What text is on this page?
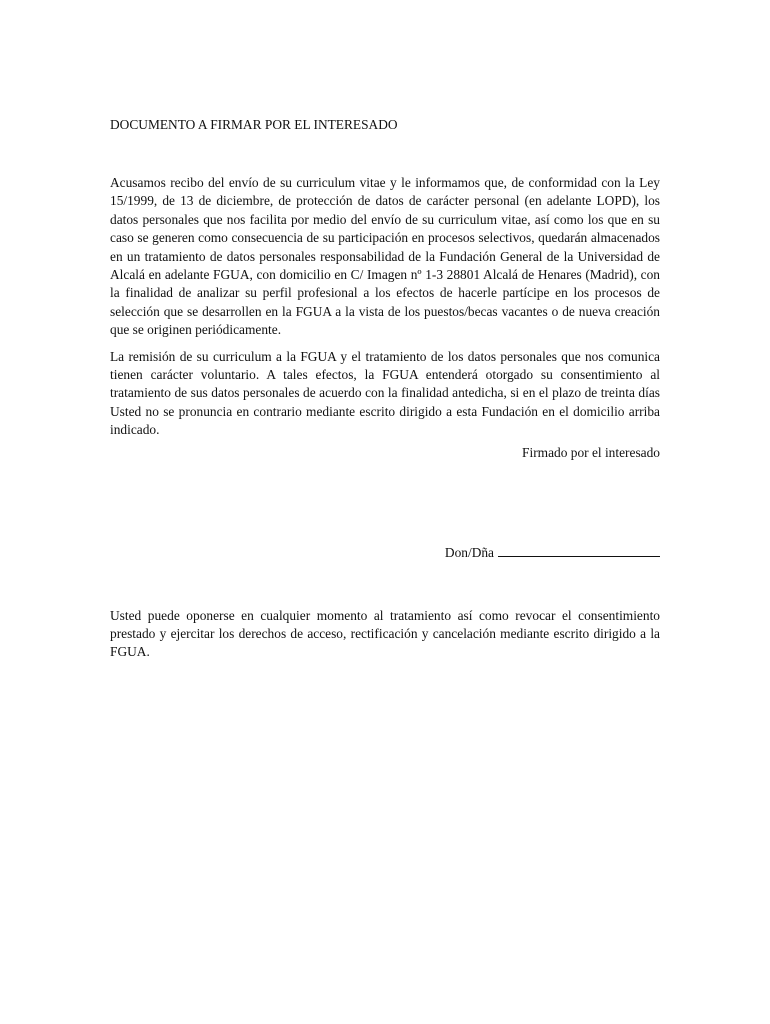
DOCUMENTO A FIRMAR POR EL INTERESADO

Acusamos recibo del envío de su curriculum vitae y le informamos que, de conformidad con la Ley 15/1999, de 13 de diciembre, de protección de datos de carácter personal (en adelante LOPD), los datos personales que nos facilita por medio del envío de su curriculum vitae, así como los que en su caso se generen como consecuencia de su participación en procesos selectivos, quedarán almacenados en un tratamiento de datos personales responsabilidad de la Fundación General de la Universidad de Alcalá en adelante FGUA, con domicilio en C/ Imagen nº 1-3 28801 Alcalá de Henares (Madrid), con la finalidad de analizar su perfil profesional a los efectos de hacerle partícipe en los procesos de selección que se desarrollen en la FGUA a la vista de los puestos/becas vacantes o de nueva creación que se originen periódicamente.

La remisión de su curriculum a la FGUA y el tratamiento de los datos personales que nos comunica tienen carácter voluntario. A tales efectos, la FGUA entenderá otorgado su consentimiento al tratamiento de sus datos personales de acuerdo con la finalidad antedicha, si en el plazo de treinta días Usted no se pronuncia en contrario mediante escrito dirigido a esta Fundación en el domicilio arriba indicado.

Firmado por el interesado

Don/Dña

Usted puede oponerse en cualquier momento al tratamiento así como revocar el consentimiento prestado y ejercitar los derechos de acceso, rectificación y cancelación mediante escrito dirigido a la FGUA.
